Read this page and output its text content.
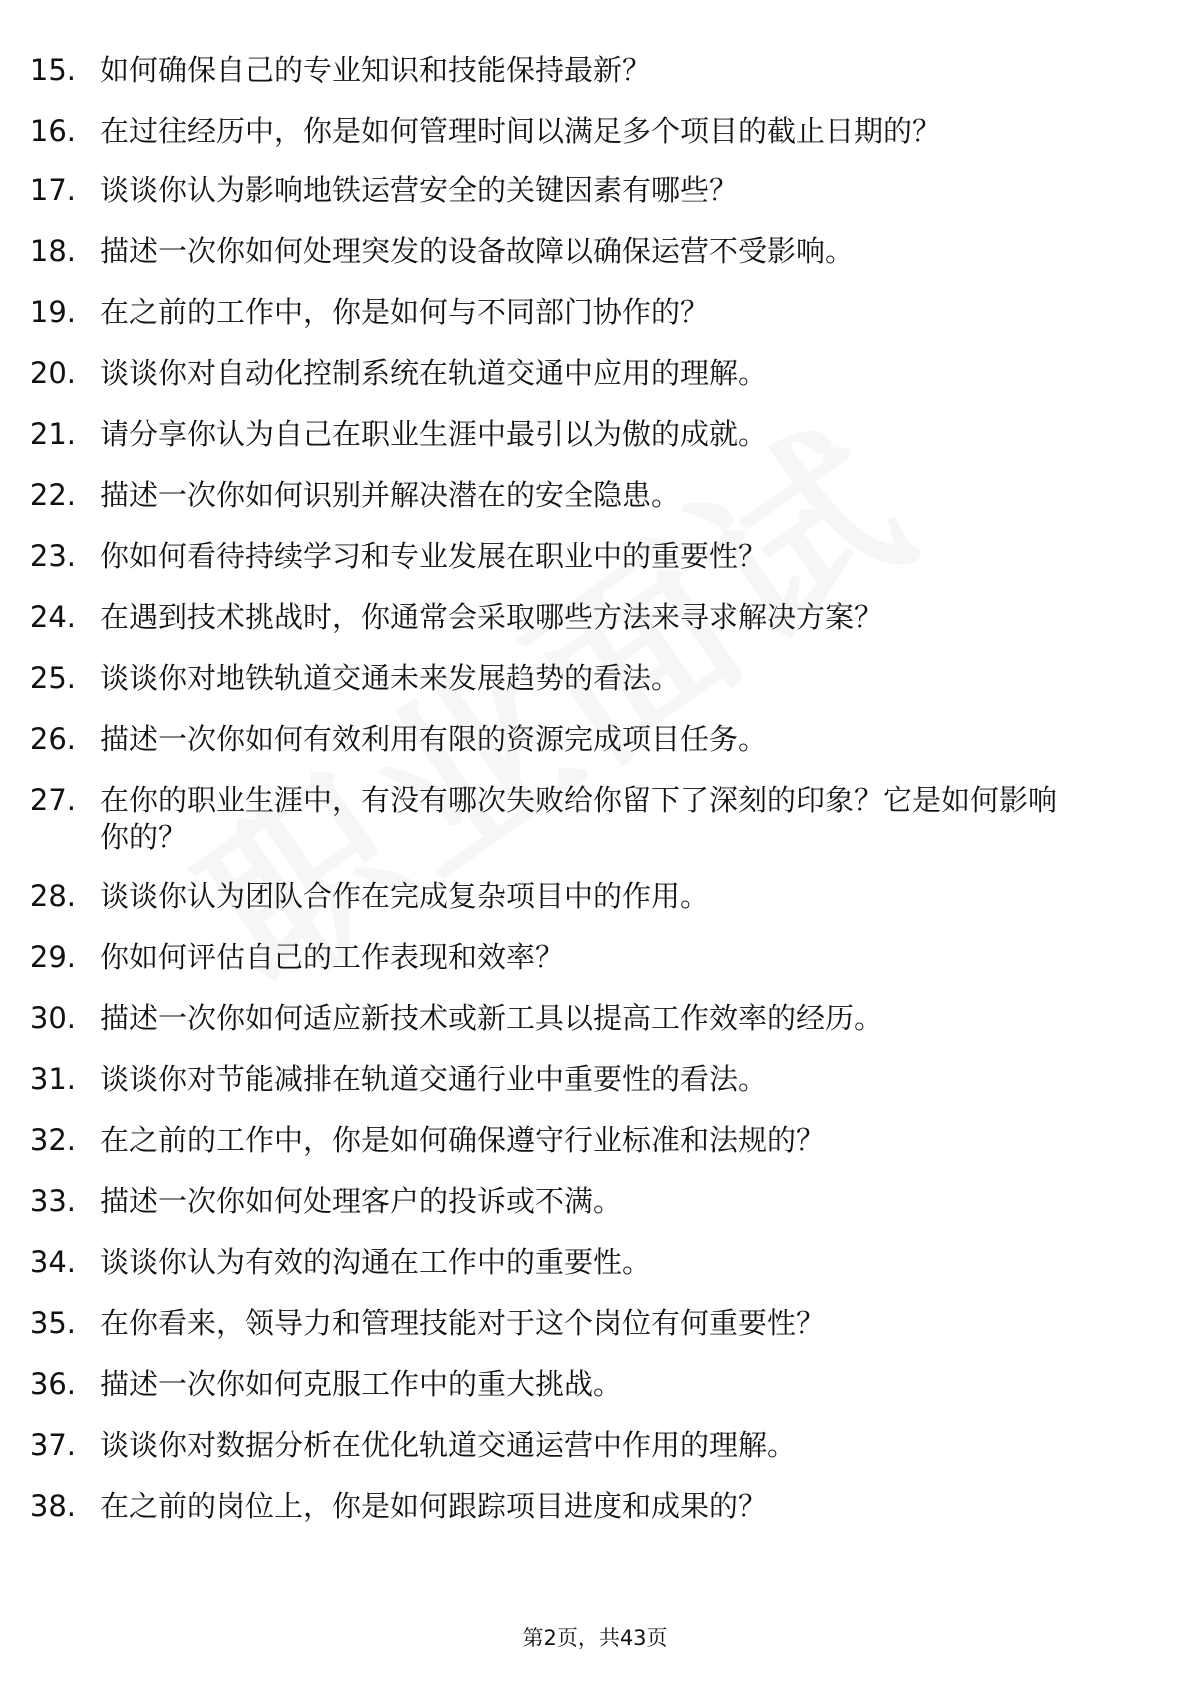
15 .	如何确保自己的专业知识和技能保持最新？
16 .	在过往经历中，你是如何管理时间以满足多个项目的截止日期的？
17 .	谈谈你认为影响地铁运营安全的关键因素有哪些？
18 .	描述一次你如何处理突发的设备故障以确保运营不受影响。
19 .	在之前的工作中，你是如何与不同部门协作的？
20 .	谈谈你对自动化控制系统在轨道交通中应用的理解。
21 .	请分享你认为自己在职业生涯中最引以为傲的成就。
22 .	描述一次你如何识别并解决潜在的安全隐患。
23 .	你如何看待持续学习和专业发展在职业中的重要性？
24 .	在遇到技术挑战时，你通常会采取哪些方法来寻求解决方案？
25 .	谈谈你对地铁轨道交通未来发展趋势的看法。
26 .	描述一次你如何有效利用有限的资源完成项目任务。
27 .	在你的职业生涯中，有没有哪次失败给你留下了深刻的印象？它是如何影响你的？
28 .	谈谈你认为团队合作在完成复杂项目中的作用。
29 .	你如何评估自己的工作表现和效率？
30 .	描述一次你如何适应新技术或新工具以提高工作效率的经历。
31 .	谈谈你对节能减排在轨道交通行业中重要性的看法。
32 .	在之前的工作中，你是如何确保遵守行业标准和法规的？
33 .	描述一次你如何处理客户的投诉或不满。
34 .	谈谈你认为有效的沟通在工作中的重要性。
35 .	在你看来，领导力和管理技能对于这个岗位有何重要性？
36 .	描述一次你如何克服工作中的重大挑战。
37 .	谈谈你对数据分析在优化轨道交通运营中作用的理解。
38 .	在之前的岗位上，你是如何跟踪项目进度和成果的？
第2页，共43页
